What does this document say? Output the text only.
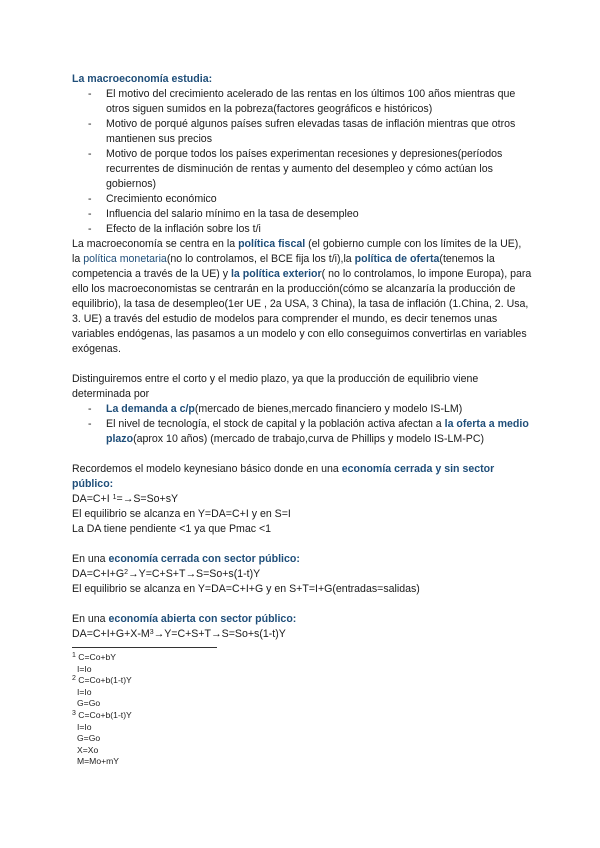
La macroeconomía estudia:

- El motivo del crecimiento acelerado de las rentas en los últimos 100 años mientras que otros siguen sumidos en la pobreza(factores geográficos e históricos)
- Motivo de porqué algunos países sufren elevadas tasas de inflación mientras que otros mantienen sus precios
- Motivo de porque todos los países experimentan recesiones y depresiones(períodos recurrentes de disminución de rentas y aumento del desempleo y cómo actúan los gobiernos)
- Crecimiento económico
- Influencia del salario mínimo en la tasa de desempleo
- Efecto de la inflación sobre los t/i

La macroeconomía se centra en la política fiscal (el gobierno cumple con los límites de la UE), la política monetaria(no lo controlamos, el BCE fija los t/i),la política de oferta(tenemos la competencia a través de la UE) y la política exterior( no lo controlamos, lo impone Europa), para ello los macroeconomistas se centrarán en la producción(cómo se alcanzaría la producción de equilibrio), la tasa de desempleo(1er UE , 2a USA, 3 China), la tasa de inflación (1.China, 2. Usa, 3. UE) a través del estudio de modelos para comprender el mundo, es decir tenemos unas variables endógenas, las pasamos a un modelo y con ello conseguimos convertirlas en variables exógenas.

Distinguiremos entre el corto y el medio plazo, ya que la producción de equilibrio viene determinada por

- La demanda a c/p(mercado de bienes,mercado financiero y modelo IS-LM)
- El nivel de tecnología, el stock de capital y la población activa afectan a la oferta a medio plazo(aprox 10 años) (mercado de trabajo,curva de Phillips y modelo IS-LM-PC)

Recordemos el modelo keynesiano básico donde en una economía cerrada y sin sector público:

DA=C+I $^1$=→S=So+sY

El equilibrio se alcanza en Y=DA=C+I y en S=I

La DA tiene pendiente <1 ya que Pmac <1

En una economía cerrada con sector público:

$DA=C+I+G^2\to Y=C+S+T\to S=So+s(1-t)Y$

El equilibrio se alcanza en Y=DA=C+I+G y en S+T=I+G(entradas=salidas)

En una economía abierta con sector público:

$DA=C+I+G+X-M^3\to Y=C+S+T\to S=So+s(1-t)Y$

$^1$ C=Co+bY
I=Io
$^2$ C=Co+b(1-t)Y
I=Io
G=Go
$^3$ C=Co+b(1-t)Y
I=Io
G=Go
X=Xo
M=Mo+mY
